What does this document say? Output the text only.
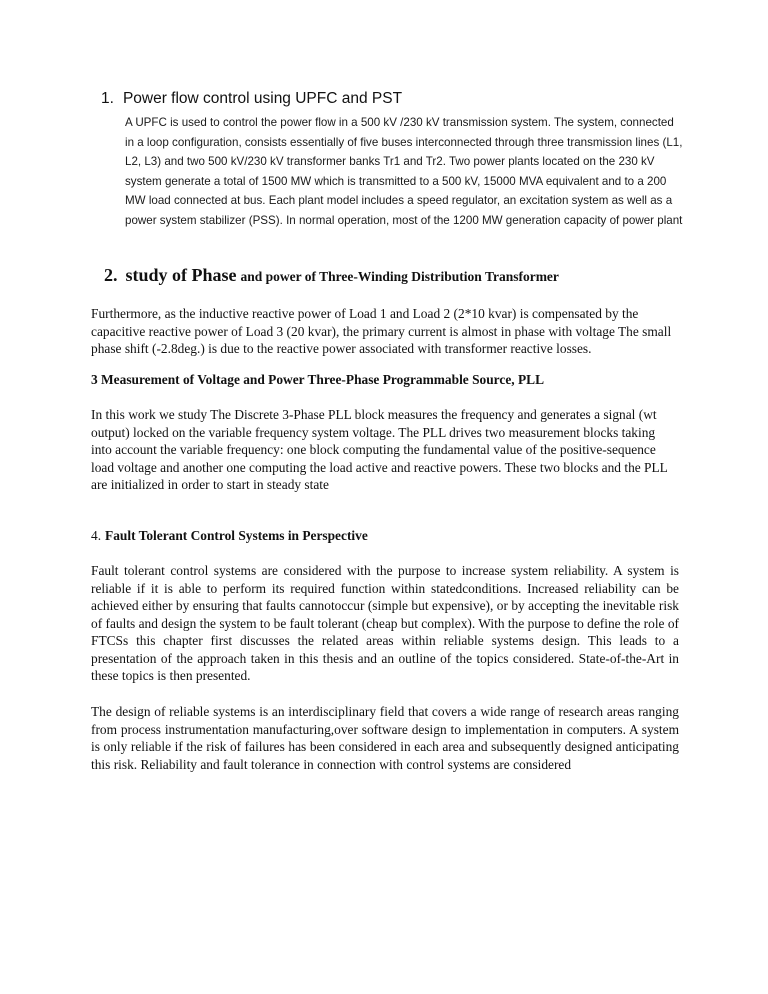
1. Power flow control using UPFC and PST
A UPFC is used to control the power flow in a 500 kV /230 kV transmission system. The system, connected in a loop configuration, consists essentially of five buses interconnected through three transmission lines (L1, L2, L3) and two 500 kV/230 kV transformer banks Tr1 and Tr2. Two power plants located on the 230 kV system generate a total of 1500 MW which is transmitted to a 500 kV, 15000 MVA equivalent and to a 200 MW load connected at bus. Each plant model includes a speed regulator, an excitation system as well as a power system stabilizer (PSS). In normal operation, most of the 1200 MW generation capacity of power plant
2. study of Phase and power of Three-Winding Distribution Transformer
Furthermore, as the inductive reactive power of Load 1 and Load 2 (2*10 kvar) is compensated by the capacitive reactive power of Load 3 (20 kvar), the primary current is almost in phase with voltage The small phase shift (-2.8deg.) is due to the reactive power associated with transformer reactive losses.
3 Measurement of Voltage and Power Three-Phase Programmable Source, PLL
In this work we study The Discrete 3-Phase PLL block measures the frequency and generates a signal (wt output) locked on the variable frequency system voltage. The PLL drives two measurement blocks taking into account the variable frequency: one block computing the fundamental value of the positive-sequence load voltage and another one computing the load active and reactive powers. These two blocks and the PLL are initialized in order to start in steady state
4. Fault Tolerant Control Systems in Perspective
Fault tolerant control systems are considered with the purpose to increase system reliability. A system is reliable if it is able to perform its required function within statedconditions. Increased reliability can be achieved either by ensuring that faults cannotoccur (simple but expensive), or by accepting the inevitable risk of faults and design the system to be fault tolerant (cheap but complex). With the purpose to define the role of FTCSs this chapter first discusses the related areas within reliable systems design. This leads to a presentation of the approach taken in this thesis and an outline of the topics considered. State-of-the-Art in these topics is then presented.
The design of reliable systems is an interdisciplinary field that covers a wide range of research areas ranging from process instrumentation manufacturing,over software design to implementation in computers. A system is only reliable if the risk of failures has been considered in each area and subsequently designed anticipating this risk. Reliability and fault tolerance in connection with control systems are considered
